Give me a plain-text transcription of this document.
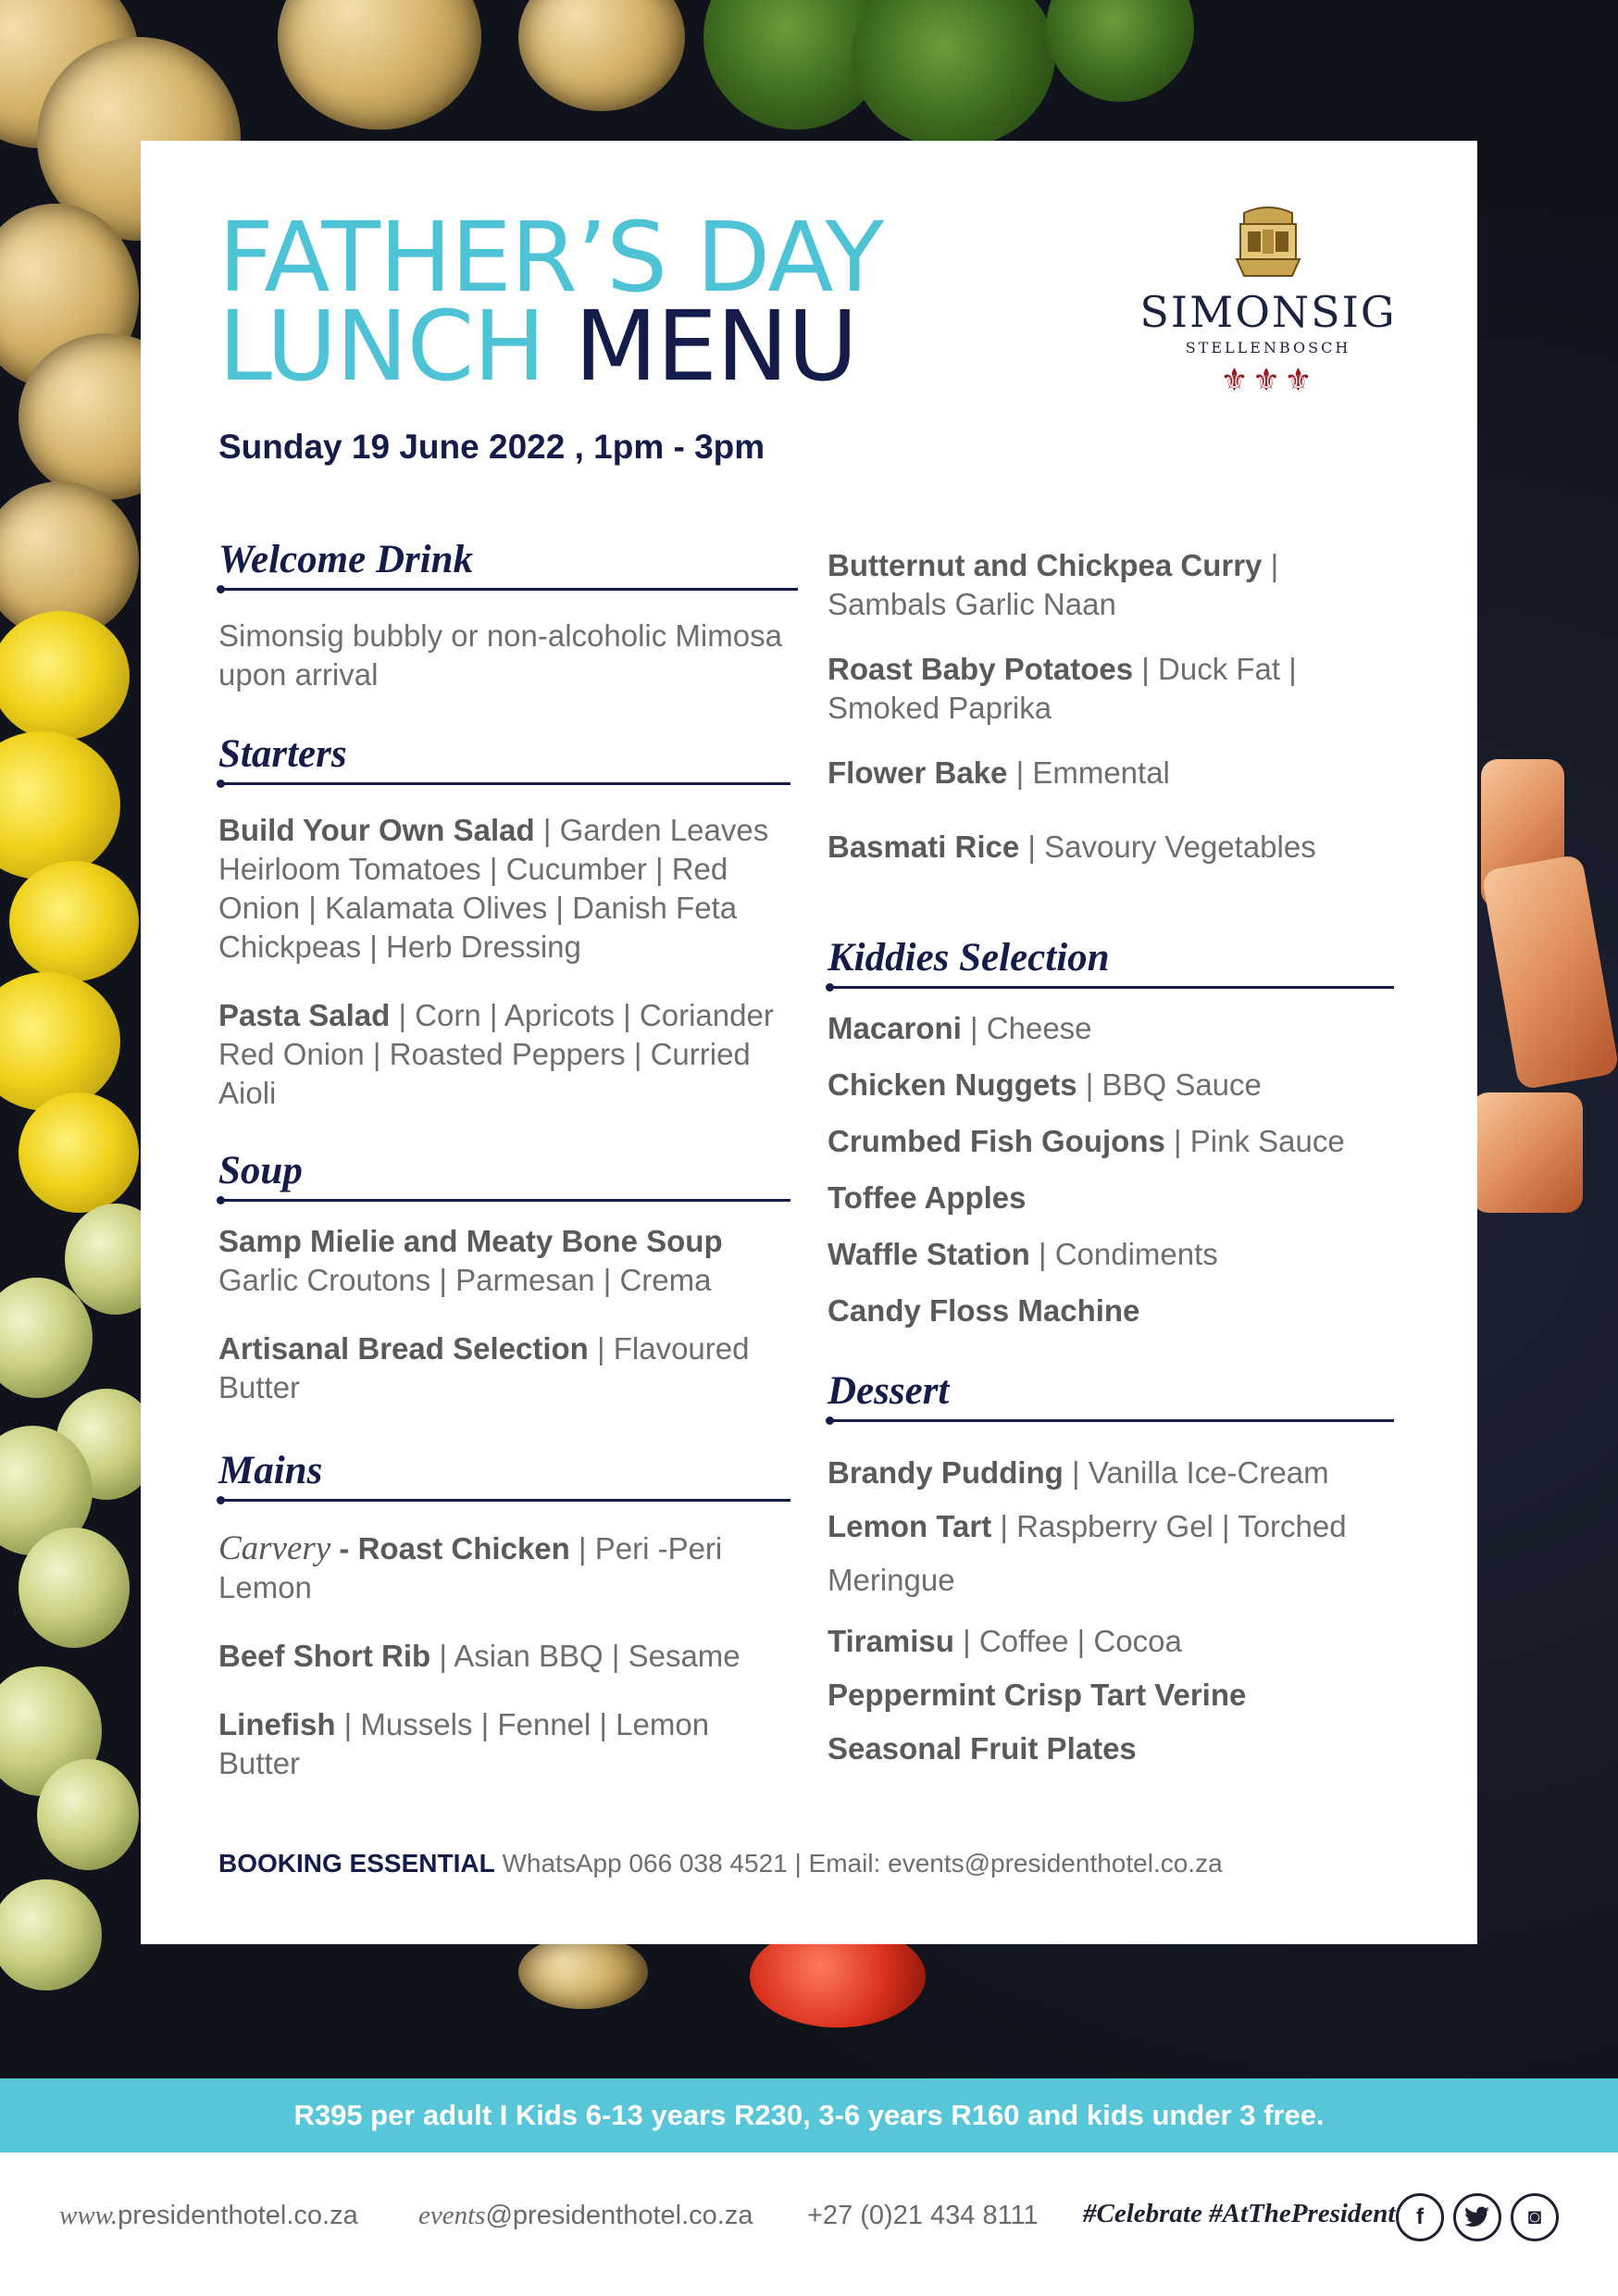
FATHER’S DAY
LUNCH MENU
Sunday 19 June 2022 , 1pm - 3pm
SIMONSIG
STELLENBOSCH
⚜⚜⚜
Welcome Drink
Simonsig bubbly or non-alcoholic Mimosa upon arrival
Starters
Build Your Own Salad | Garden Leaves Heirloom Tomatoes | Cucumber | Red Onion | Kalamata Olives | Danish Feta Chickpeas | Herb Dressing
Pasta Salad | Corn | Apricots | Coriander Red Onion | Roasted Peppers | Curried Aioli
Soup
Samp Mielie and Meaty Bone Soup Garlic Croutons | Parmesan | Crema
Artisanal Bread Selection | Flavoured Butter
Mains
Carvery - Roast Chicken | Peri -Peri Lemon
Beef Short Rib | Asian BBQ | Sesame
Linefish | Mussels | Fennel | Lemon Butter
Butternut and Chickpea Curry | Sambals Garlic Naan
Roast Baby Potatoes | Duck Fat | Smoked Paprika
Flower Bake | Emmental
Basmati Rice | Savoury Vegetables
Kiddies Selection
Macaroni | Cheese
Chicken Nuggets | BBQ Sauce
Crumbed Fish Goujons | Pink Sauce
Toffee Apples
Waffle Station | Condiments
Candy Floss Machine
Dessert
Brandy Pudding | Vanilla Ice-Cream
Lemon Tart | Raspberry Gel | Torched Meringue
Tiramisu | Coffee | Cocoa
Peppermint Crisp Tart Verine
Seasonal Fruit Plates
BOOKING ESSENTIAL WhatsApp 066 038 4521 | Email: events@presidenthotel.co.za
R395 per adult I Kids 6-13 years R230, 3-6 years R160 and kids under 3 free.
www.presidenthotel.co.za events@presidenthotel.co.za +27 (0)21 434 8111 #Celebrate #AtThePresident f	◙
